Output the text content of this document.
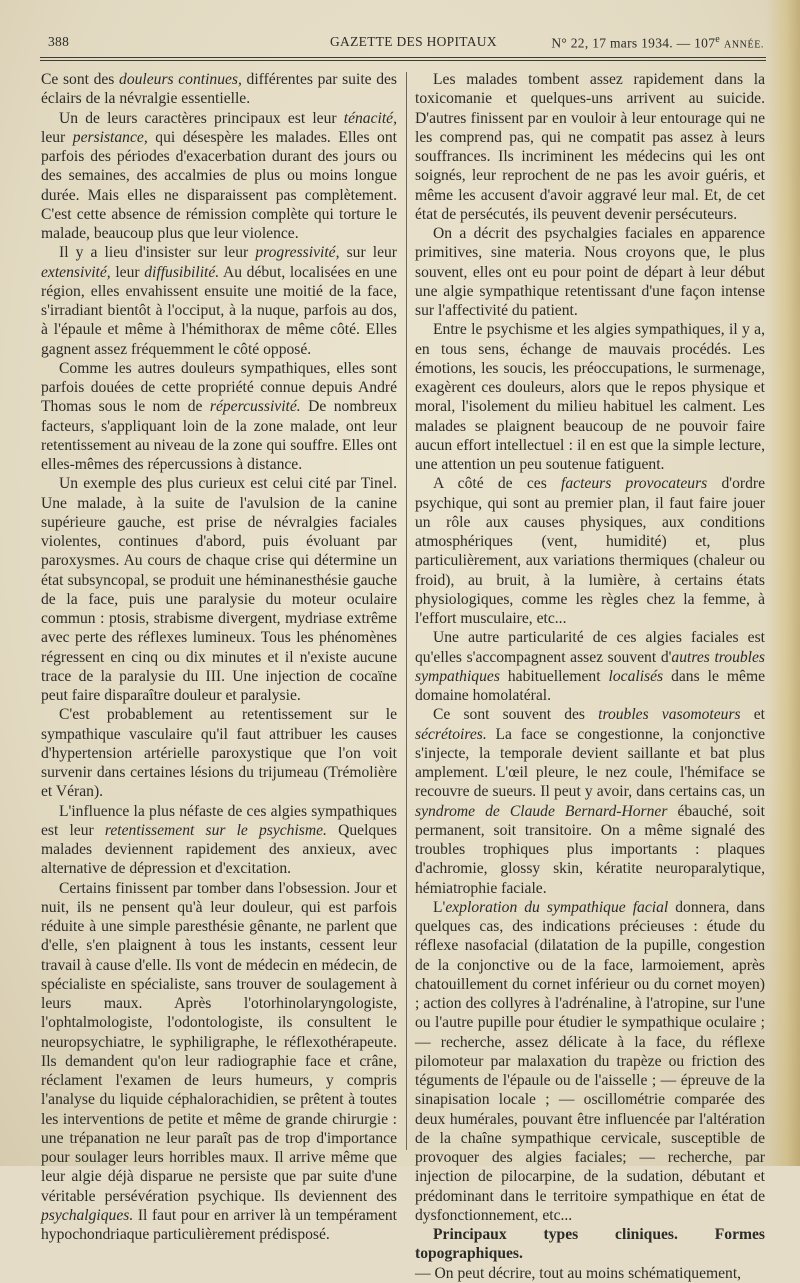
388	GAZETTE DES HOPITAUX	N° 22, 17 mars 1934. — 107e ANNÉE.

Ce sont des douleurs continues, différentes par suite des éclairs de la névralgie essentielle.

Un de leurs caractères principaux est leur ténacité, leur persistance, qui désespère les malades. Elles ont parfois des périodes d'exacerbation durant des jours ou des semaines, des accalmies de plus ou moins longue durée. Mais elles ne disparaissent pas complètement. C'est cette absence de rémission complète qui torture le malade, beaucoup plus que leur violence.

Il y a lieu d'insister sur leur progressivité, sur leur extensivité, leur diffusibilité. Au début, localisées en une région, elles envahissent ensuite une moitié de la face, s'irradiant bientôt à l'occiput, à la nuque, parfois au dos, à l'épaule et même à l'hémithorax de même côté. Elles gagnent assez fréquemment le côté opposé.

Comme les autres douleurs sympathiques, elles sont parfois douées de cette propriété connue depuis André Thomas sous le nom de répercussivité. De nombreux facteurs, s'appliquant loin de la zone malade, ont leur retentissement au niveau de la zone qui souffre. Elles ont elles-mêmes des répercussions à distance.

Un exemple des plus curieux est celui cité par Tinel. Une malade, à la suite de l'avulsion de la canine supérieure gauche, est prise de névralgies faciales violentes, continues d'abord, puis évoluant par paroxysmes. Au cours de chaque crise qui détermine un état subsyncopal, se produit une héminanesthésie gauche de la face, puis une paralysie du moteur oculaire commun : ptosis, strabisme divergent, mydriase extrême avec perte des réflexes lumineux. Tous les phénomènes régressent en cinq ou dix minutes et il n'existe aucune trace de la paralysie du III. Une injection de cocaïne peut faire disparaître douleur et paralysie.

C'est probablement au retentissement sur le sympathique vasculaire qu'il faut attribuer les causes d'hypertension artérielle paroxystique que l'on voit survenir dans certaines lésions du trijumeau (Trémolière et Véran).

L'influence la plus néfaste de ces algies sympathiques est leur retentissement sur le psychisme. Quelques malades deviennent rapidement des anxieux, avec alternative de dépression et d'excitation.

Certains finissent par tomber dans l'obsession. Jour et nuit, ils ne pensent qu'à leur douleur, qui est parfois réduite à une simple paresthésie gênante, ne parlent que d'elle, s'en plaignent à tous les instants, cessent leur travail à cause d'elle. Ils vont de médecin en médecin, de spécialiste en spécialiste, sans trouver de soulagement à leurs maux. Après l'otorhinolaryngologiste, l'ophtalmologiste, l'odontologiste, ils consultent le neuropsychiatre, le syphiligraphe, le réflexothérapeute. Ils demandent qu'on leur radiographie face et crâne, réclament l'examen de leurs humeurs, y compris l'analyse du liquide céphalorachidien, se prêtent à toutes les interventions de petite et même de grande chirurgie : une trépanation ne leur paraît pas de trop d'importance pour soulager leurs horribles maux. Il arrive même que leur algie déjà disparue ne persiste que par suite d'une véritable persévération psychique. Ils deviennent des psychalgiques. Il faut pour en arriver là un tempérament hypochondriaque particulièrement prédisposé.

Les malades tombent assez rapidement dans la toxicomanie et quelques-uns arrivent au suicide. D'autres finissent par en vouloir à leur entourage qui ne les comprend pas, qui ne compatit pas assez à leurs souffrances. Ils incriminent les médecins qui les ont soignés, leur reprochent de ne pas les avoir guéris, et même les accusent d'avoir aggravé leur mal. Et, de cet état de persécutés, ils peuvent devenir persécuteurs.

On a décrit des psychalgies faciales en apparence primitives, sine materia. Nous croyons que, le plus souvent, elles ont eu pour point de départ à leur début une algie sympathique retentissant d'une façon intense sur l'affectivité du patient.

Entre le psychisme et les algies sympathiques, il y a, en tous sens, échange de mauvais procédés. Les émotions, les soucis, les préoccupations, le surmenage, exagèrent ces douleurs, alors que le repos physique et moral, l'isolement du milieu habituel les calment. Les malades se plaignent beaucoup de ne pouvoir faire aucun effort intellectuel : il en est que la simple lecture, une attention un peu soutenue fatiguent.

A côté de ces facteurs provocateurs d'ordre psychique, qui sont au premier plan, il faut faire jouer un rôle aux causes physiques, aux conditions atmosphériques (vent, humidité) et, plus particulièrement, aux variations thermiques (chaleur ou froid), au bruit, à la lumière, à certains états physiologiques, comme les règles chez la femme, à l'effort musculaire, etc...

Une autre particularité de ces algies faciales est qu'elles s'accompagnent assez souvent d'autres troubles sympathiques habituellement localisés dans le même domaine homolatéral.

Ce sont souvent des troubles vasomoteurs et sécrétoires. La face se congestionne, la conjonctive s'injecte, la temporale devient saillante et bat plus amplement. L'œil pleure, le nez coule, l'hémiface se recouvre de sueurs. Il peut y avoir, dans certains cas, un syndrome de Claude Bernard-Horner ébauché, soit permanent, soit transitoire. On a même signalé des troubles trophiques plus importants : plaques d'achromie, glossy skin, kératite neuroparalytique, hémiatrophie faciale.

L'exploration du sympathique facial donnera, dans quelques cas, des indications précieuses : étude du réflexe nasofacial (dilatation de la pupille, congestion de la conjonctive ou de la face, larmoiement, après chatouillement du cornet inférieur ou du cornet moyen) ; action des collyres à l'adrénaline, à l'atropine, sur l'une ou l'autre pupille pour étudier le sympathique oculaire ; — recherche, assez délicate à la face, du réflexe pilomoteur par malaxation du trapèze ou friction des téguments de l'épaule ou de l'aisselle ; — épreuve de la sinapisation locale ; — oscillométrie comparée des deux humérales, pouvant être influencée par l'altération de la chaîne sympathique cervicale, susceptible de provoquer des algies faciales; — recherche, par injection de pilocarpine, de la sudation, débutant et prédominant dans le territoire sympathique en état de dysfonctionnement, etc...

Principaux types cliniques. Formes topographiques.

— On peut décrire, tout au moins schématiquement,
